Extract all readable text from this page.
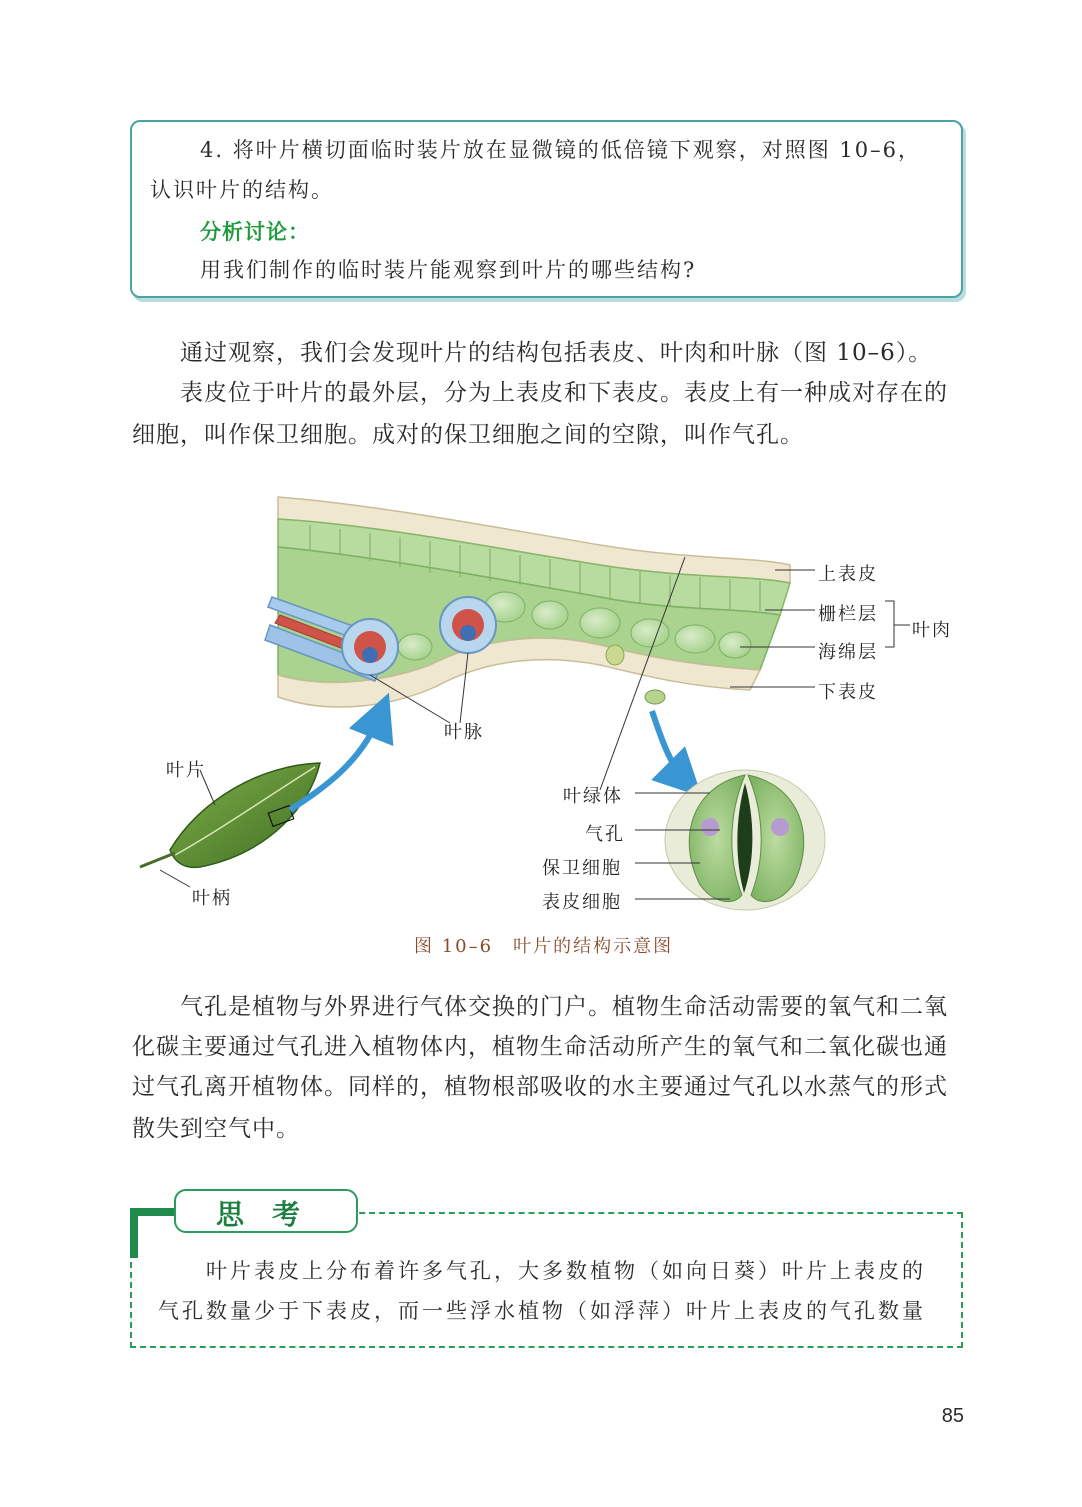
4. 将叶片横切面临时装片放在显微镜的低倍镜下观察，对照图 10–6，
认识叶片的结构。
分析讨论：
用我们制作的临时装片能观察到叶片的哪些结构?
通过观察，我们会发现叶片的结构包括表皮、叶肉和叶脉（图 10–6）。
表皮位于叶片的最外层，分为上表皮和下表皮。表皮上有一种成对存在的
细胞，叫作保卫细胞。成对的保卫细胞之间的空隙，叫作气孔。
上表皮
栅栏层
叶肉
海绵层
下表皮
叶脉
叶片
叶柄
叶绿体
气孔
保卫细胞
表皮细胞
图 10–6　叶片的结构示意图
气孔是植物与外界进行气体交换的门户。植物生命活动需要的氧气和二氧
化碳主要通过气孔进入植物体内，植物生命活动所产生的氧气和二氧化碳也通
过气孔离开植物体。同样的，植物根部吸收的水主要通过气孔以水蒸气的形式
散失到空气中。
思考
叶片表皮上分布着许多气孔，大多数植物（如向日葵）叶片上表皮的
气孔数量少于下表皮，而一些浮水植物（如浮萍）叶片上表皮的气孔数量
85
